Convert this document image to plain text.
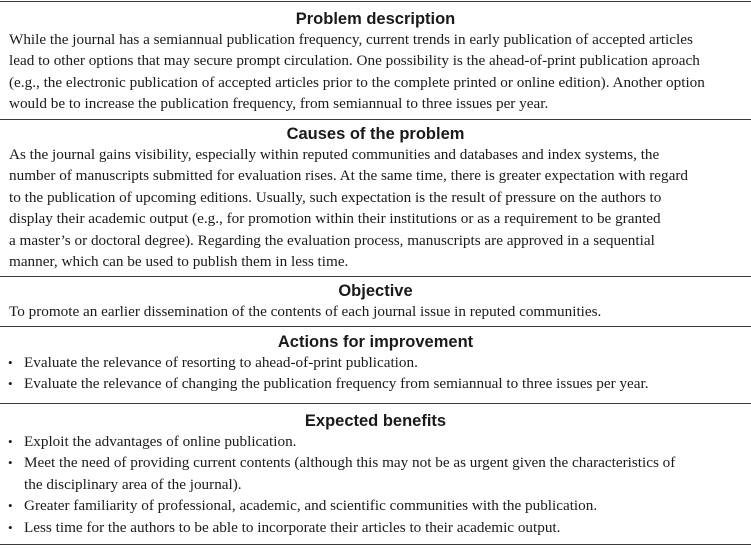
Problem description
While the journal has a semiannual publication frequency, current trends in early publication of accepted articles
lead to other options that may secure prompt circulation. One possibility is the ahead-of-print publication aproach
(e.g., the electronic publication of accepted articles prior to the complete printed or online edition). Another option
would be to increase the publication frequency, from semiannual to three issues per year.
Causes of the problem
As the journal gains visibility, especially within reputed communities and databases and index systems, the
number of manuscripts submitted for evaluation rises. At the same time, there is greater expectation with regard
to the publication of upcoming editions. Usually, such expectation is the result of pressure on the authors to
display their academic output (e.g., for promotion within their institutions or as a requirement to be granted
a master’s or doctoral degree). Regarding the evaluation process, manuscripts are approved in a sequential
manner, which can be used to publish them in less time.
Objective
To promote an earlier dissemination of the contents of each journal issue in reputed communities.
Actions for improvement
• Evaluate the relevance of resorting to ahead-of-print publication.
• Evaluate the relevance of changing the publication frequency from semiannual to three issues per year.
Expected benefits
• Exploit the advantages of online publication.
• Meet the need of providing current contents (although this may not be as urgent given the characteristics of
the disciplinary area of the journal).
• Greater familiarity of professional, academic, and scientific communities with the publication.
• Less time for the authors to be able to incorporate their articles to their academic output.
